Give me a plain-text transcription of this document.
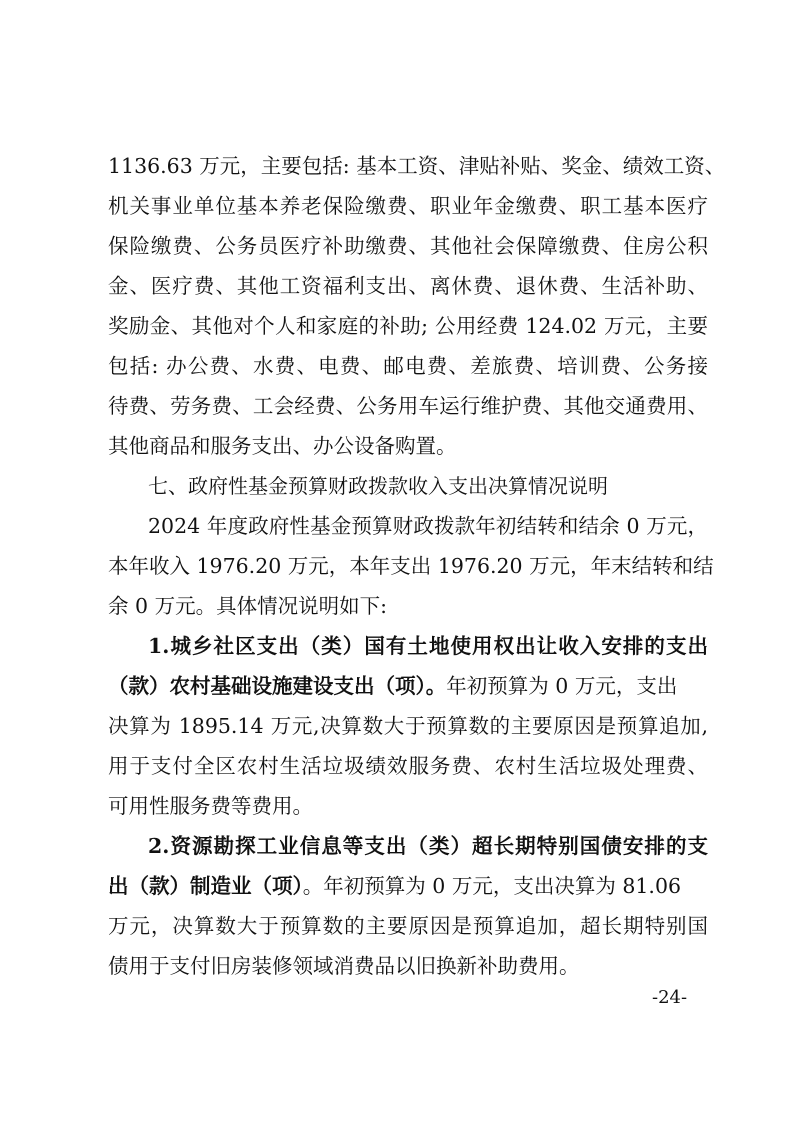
1136.63 万元，主要包括: 基本工资、津贴补贴、奖金、绩效工资、
机关事业单位基本养老保险缴费、职业年金缴费、职工基本医疗
保险缴费、公务员医疗补助缴费、其他社会保障缴费、住房公积
金、医疗费、其他工资福利支出、离休费、退休费、生活补助、
奖励金、其他对个人和家庭的补助; 公用经费 124.02 万元，主要
包括: 办公费、水费、电费、邮电费、差旅费、培训费、公务接
待费、劳务费、工会经费、公务用车运行维护费、其他交通费用、
其他商品和服务支出、办公设备购置。
七、政府性基金预算财政拨款收入支出决算情况说明
2024 年度政府性基金预算财政拨款年初结转和结余 0 万元，
本年收入 1976.20 万元，本年支出 1976.20 万元，年末结转和结
余 0 万元。具体情况说明如下:
1.城乡社区支出（类）国有土地使用权出让收入安排的支出
（款）农村基础设施建设支出（项）。年初预算为 0 万元，支出
决算为 1895.14 万元,决算数大于预算数的主要原因是预算追加,
用于支付全区农村生活垃圾绩效服务费、农村生活垃圾处理费、
可用性服务费等费用。
2.资源勘探工业信息等支出（类）超长期特别国债安排的支
出（款）制造业（项）。年初预算为 0 万元，支出决算为 81.06
万元，决算数大于预算数的主要原因是预算追加，超长期特别国
债用于支付旧房装修领域消费品以旧换新补助费用。
-24-
